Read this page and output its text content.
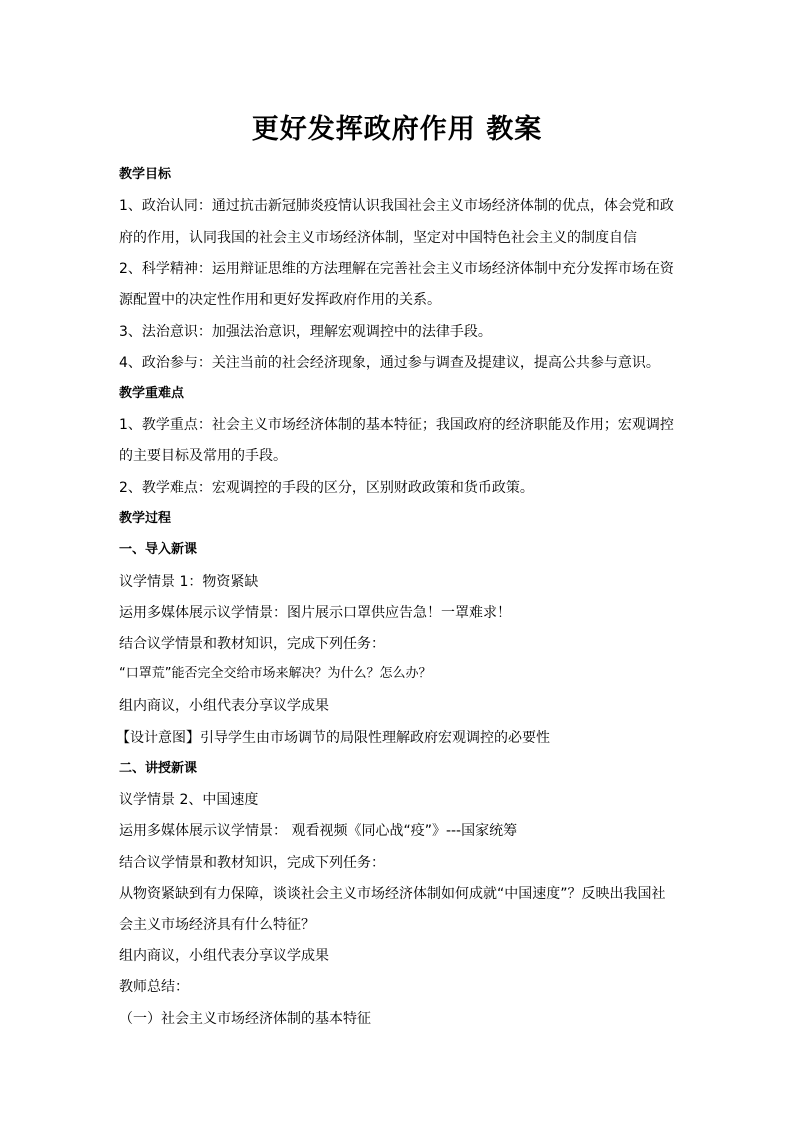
更好发挥政府作用 教案
教学目标
1、政治认同：通过抗击新冠肺炎疫情认识我国社会主义市场经济体制的优点，体会党和政
府的作用，认同我国的社会主义市场经济体制，坚定对中国特色社会主义的制度自信
2、科学精神：运用辩证思维的方法理解在完善社会主义市场经济体制中充分发挥市场在资
源配置中的决定性作用和更好发挥政府作用的关系。
3、法治意识：加强法治意识，理解宏观调控中的法律手段。
4、政治参与：关注当前的社会经济现象，通过参与调查及提建议，提高公共参与意识。
教学重难点
1、教学重点：社会主义市场经济体制的基本特征；我国政府的经济职能及作用；宏观调控
的主要目标及常用的手段。
2、教学难点：宏观调控的手段的区分，区别财政政策和货币政策。
教学过程
一、导入新课
议学情景 1：物资紧缺
运用多媒体展示议学情景：图片展示口罩供应告急！一罩难求！
结合议学情景和教材知识，完成下列任务：
“口罩荒”能否完全交给市场来解决？为什么？怎么办？
组内商议，小组代表分享议学成果
【设计意图】引导学生由市场调节的局限性理解政府宏观调控的必要性
二、讲授新课
议学情景 2、中国速度
运用多媒体展示议学情景： 观看视频《同心战“疫”》---国家统筹
结合议学情景和教材知识，完成下列任务：
从物资紧缺到有力保障，谈谈社会主义市场经济体制如何成就“中国速度”？反映出我国社
会主义市场经济具有什么特征？
组内商议，小组代表分享议学成果
教师总结：
（一）社会主义市场经济体制的基本特征
